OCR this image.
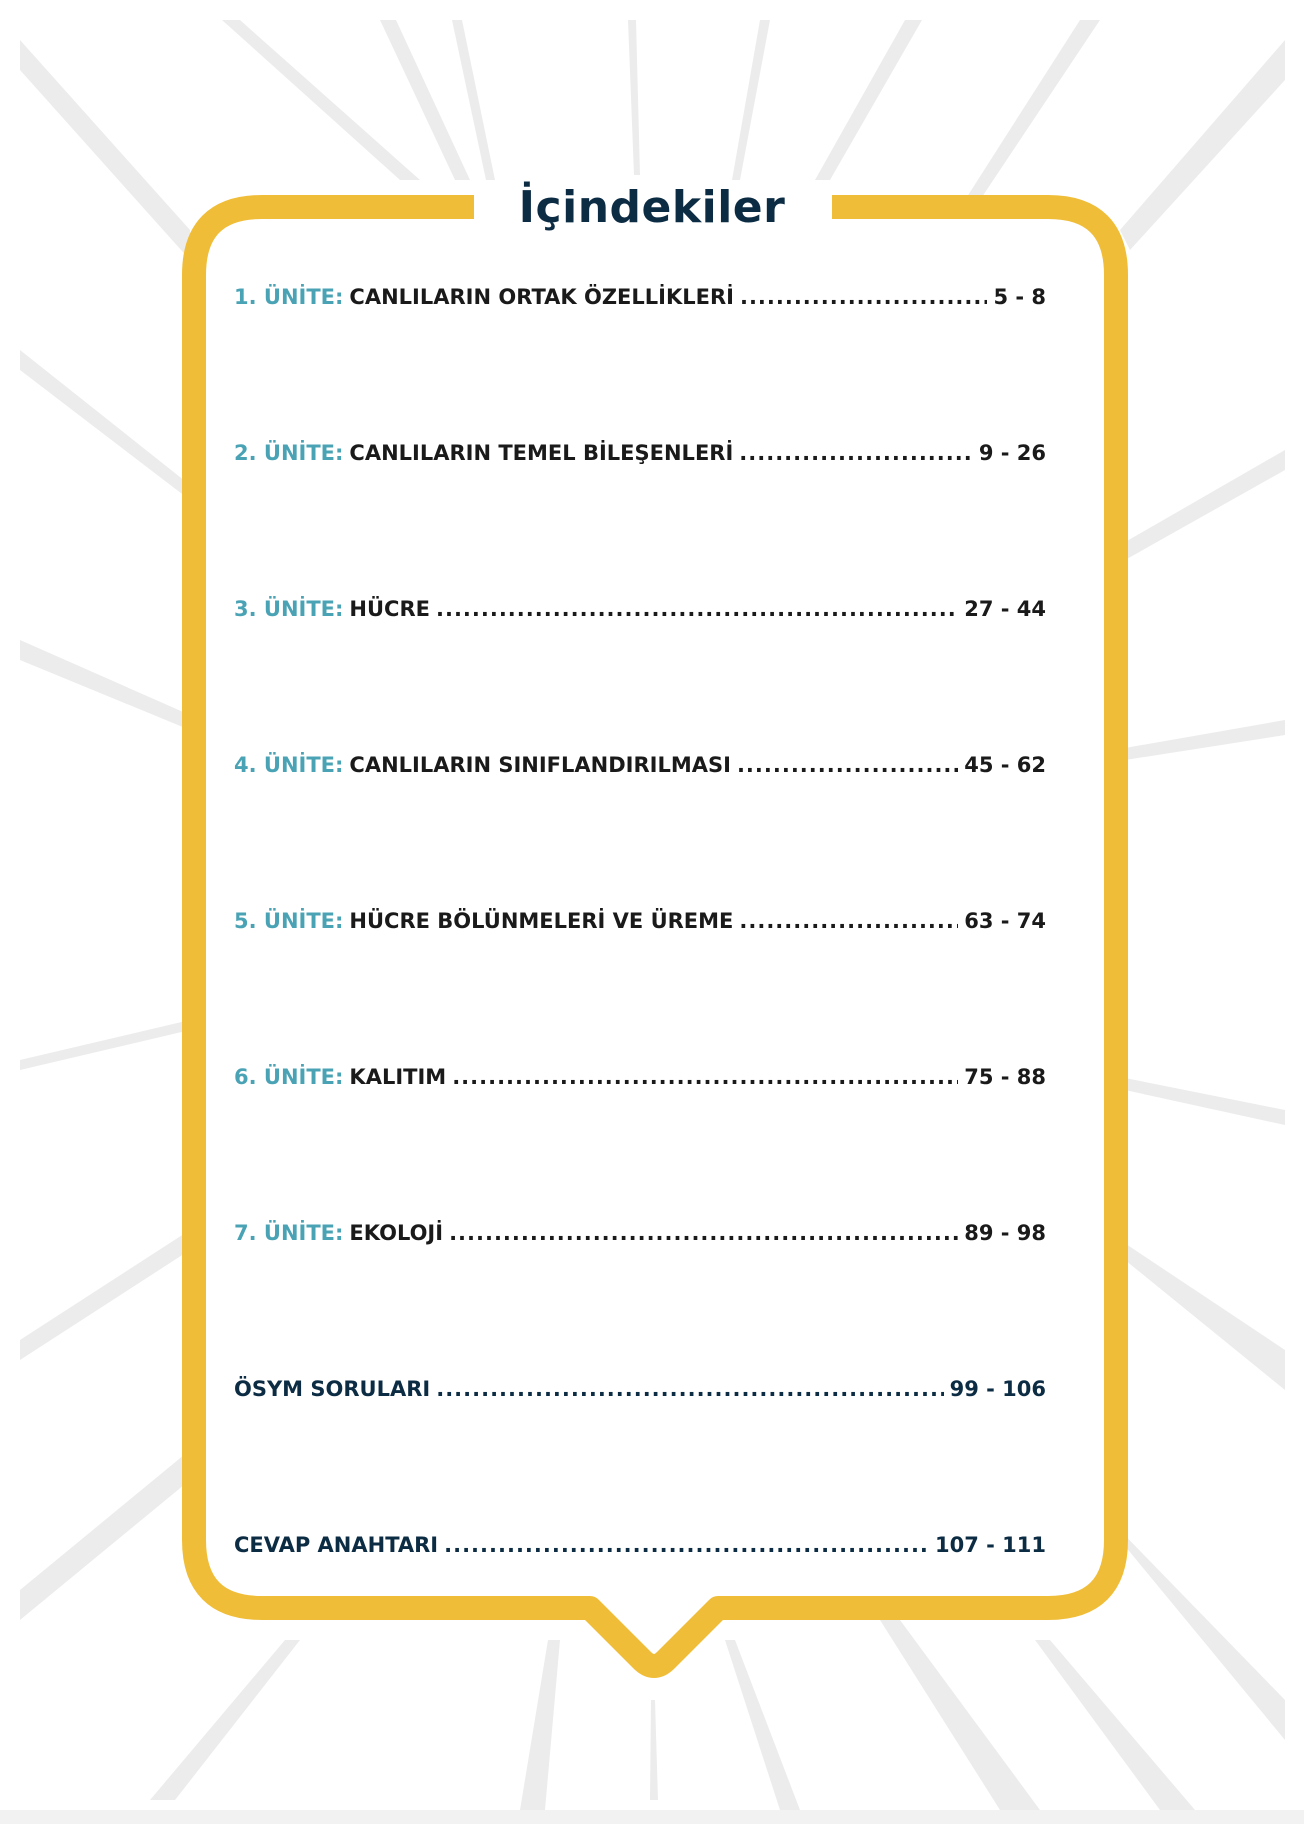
İçindekiler
1. ÜNİTE: CANLILARIN ORTAK ÖZELLİKLERİ .....	5 - 8
2. ÜNİTE: CANLILARIN TEMEL BİLEŞENLERİ .....	9 - 26
3. ÜNİTE: HÜCRE .....	27 - 44
4. ÜNİTE: CANLILARIN SINIFLANDIRILMASI .....	45 - 62
5. ÜNİTE: HÜCRE BÖLÜNMELERİ VE ÜREME .....	63 - 74
6. ÜNİTE: KALITIM .....	75 - 88
7. ÜNİTE: EKOLOJİ .....	89 - 98
ÖSYM SORULARI .....	99 - 106
CEVAP ANAHTARI .....	107 - 111
